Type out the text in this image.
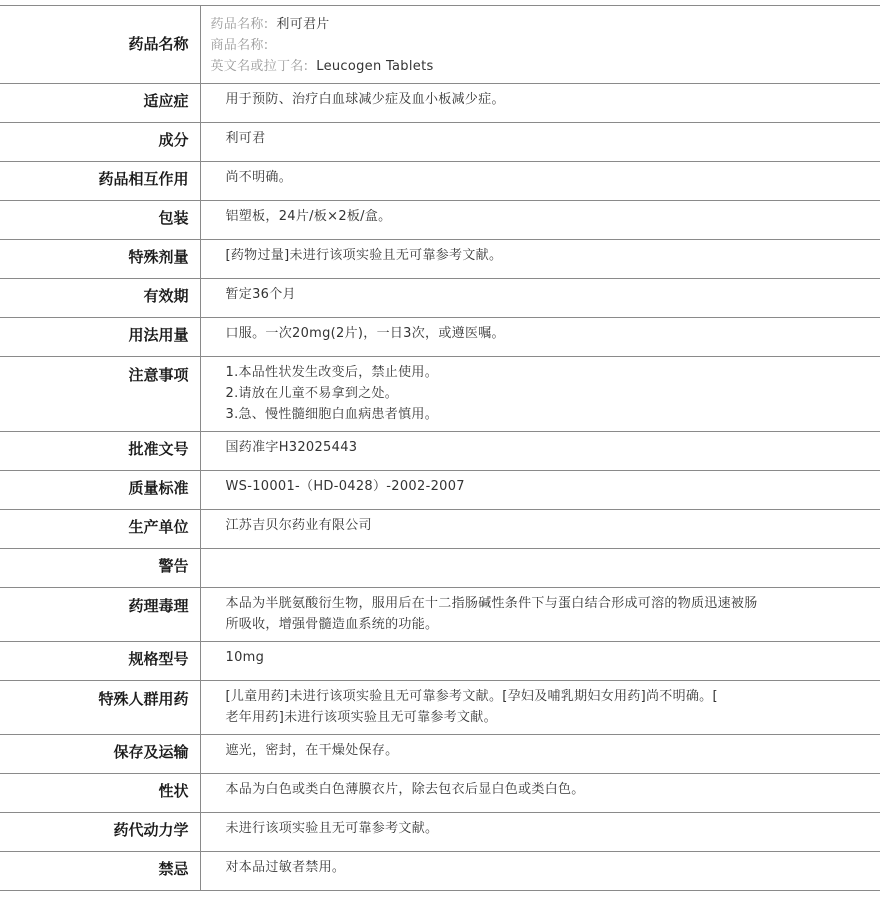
药品名称	药品名称: 利可君片
商品名称:
英文名或拉丁名: Leucogen Tablets

适应症	用于预防、治疗白血球减少症及血小板减少症。
成分	利可君
药品相互作用	尚不明确。
包装	铝塑板，24片/板×2板/盒。
特殊剂量	[药物过量]未进行该项实验且无可靠参考文献。
有效期	暂定36个月
用法用量	口服。一次20mg(2片)，一日3次，或遵医嘱。
注意事项	1.本品性状发生改变后，禁止使用。
2.请放在儿童不易拿到之处。
3.急、慢性髓细胞白血病患者慎用。

批准文号	国药准字H32025443
质量标准	WS-10001-（HD-0428）-2002-2007
生产单位	江苏吉贝尔药业有限公司
警告	
药理毒理	本品为半胱氨酸衍生物，服用后在十二指肠碱性条件下与蛋白结合形成可溶的物质迅速被肠
所吸收，增强骨髓造血系统的功能。

规格型号	10mg
特殊人群用药	[儿童用药]未进行该项实验且无可靠参考文献。[孕妇及哺乳期妇女用药]尚不明确。[
老年用药]未进行该项实验且无可靠参考文献。

保存及运输	遮光，密封，在干燥处保存。
性状	本品为白色或类白色薄膜衣片，除去包衣后显白色或类白色。
药代动力学	未进行该项实验且无可靠参考文献。
禁忌	对本品过敏者禁用。
